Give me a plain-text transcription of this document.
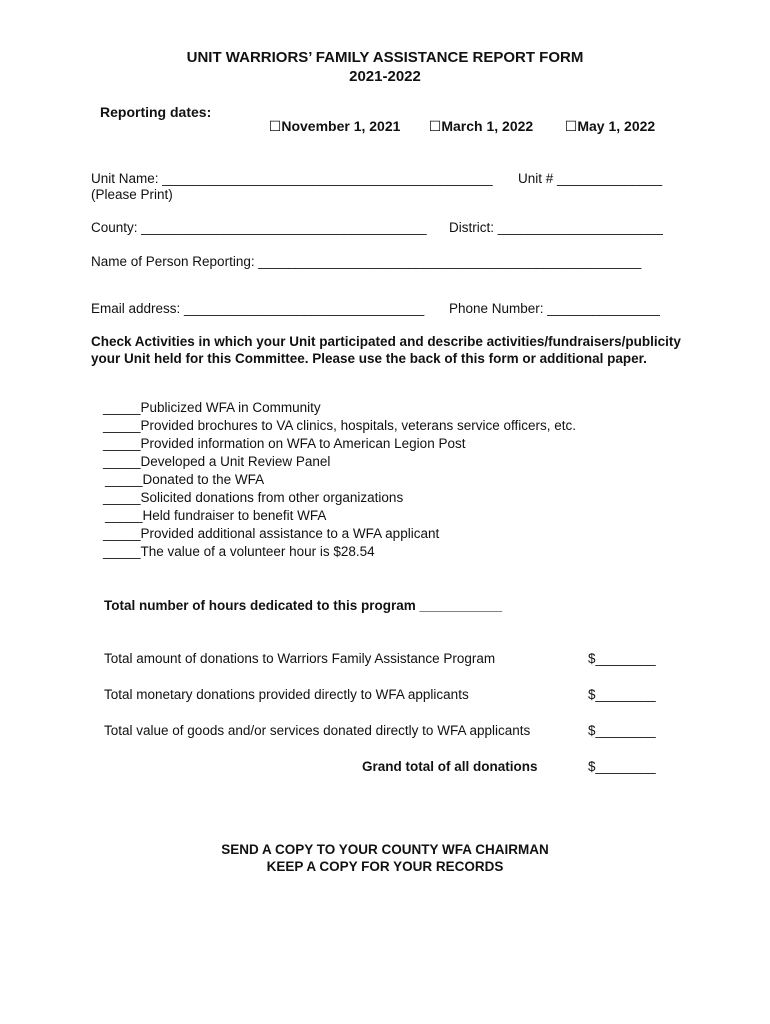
UNIT WARRIORS’ FAMILY ASSISTANCE REPORT FORM
2021-2022
Reporting dates:

☐November 1, 2021	☐March 1, 2022	☐May 1, 2022

Unit Name: ____________________________________________ Unit # ______________
(Please Print)
County: ______________________________________ District: ______________________
Name of Person Reporting: ___________________________________________________
Email address: ________________________________ Phone Number: _______________
Check Activities in which your Unit participated and describe activities/fundraisers/publicity your Unit held for this Committee. Please use the back of this form or additional paper.
_____Publicized WFA in Community
_____Provided brochures to VA clinics, hospitals, veterans service officers, etc.
_____Provided information on WFA to American Legion Post
_____Developed a Unit Review Panel
_____Donated to the WFA
_____Solicited donations from other organizations
_____Held fundraiser to benefit WFA
_____Provided additional assistance to a WFA applicant
_____The value of a volunteer hour is $28.54
Total number of hours dedicated to this program ___________
Total amount of donations to Warriors Family Assistance Program	$________
Total monetary donations provided directly to WFA applicants	$________
Total value of goods and/or services donated directly to WFA applicants	$________
Grand total of all donations	$________
SEND A COPY TO YOUR COUNTY WFA CHAIRMAN
KEEP A COPY FOR YOUR RECORDS
